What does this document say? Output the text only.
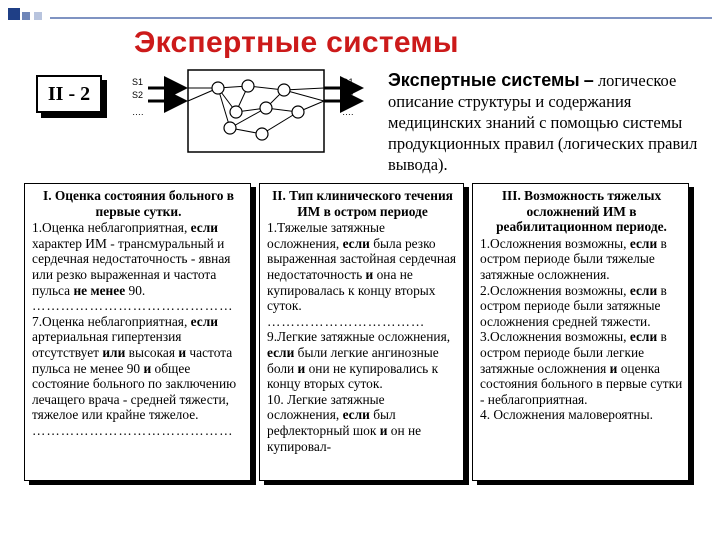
Экспертные системы
II - 2
S1
S2
….
D1
D2
….
Экспертные системы – логическое описание структуры и содержания медицинских знаний с помощью системы продукционных правил (логических правил вывода).
I. Оценка состояния больного в первые сутки.

1.Оценка неблагоприятная, если характер ИМ - трансмуральный и сердечная недостаточность - явная или резко выраженная и частота пульса не менее 90.

……………………………………

7.Оценка неблагоприятная, если артериальная гипертензия отсутствует или высокая и частота пульса не менее 90 и общее состояние больного по заключению лечащего врача - средней тяжести, тяжелое или крайне тяжелое.

……………………………………

II. Тип клинического течения ИМ в остром периоде

1.Тяжелые затяжные осложнения, если была резко выраженная застойная сердечная недостаточность и она не купировалась к концу вторых суток.

……………………………

9.Легкие затяжные осложнения, если были легкие ангинозные боли и они не купировались к концу вторых суток.

10. Легкие затяжные осложнения, если был рефлекторный шок и он не купировал-

III. Возможность тяжелых осложнений ИМ в реабилитационном периоде.

1.Осложнения возможны, если в остром периоде были тяжелые затяжные осложнения.

2.Осложнения возможны, если в остром периоде были затяжные осложнения средней тяжести.

3.Осложнения возможны, если в остром периоде были легкие затяжные осложнения и оценка состояния больного в первые сутки - неблагоприятная.

4. Осложнения маловероятны.
